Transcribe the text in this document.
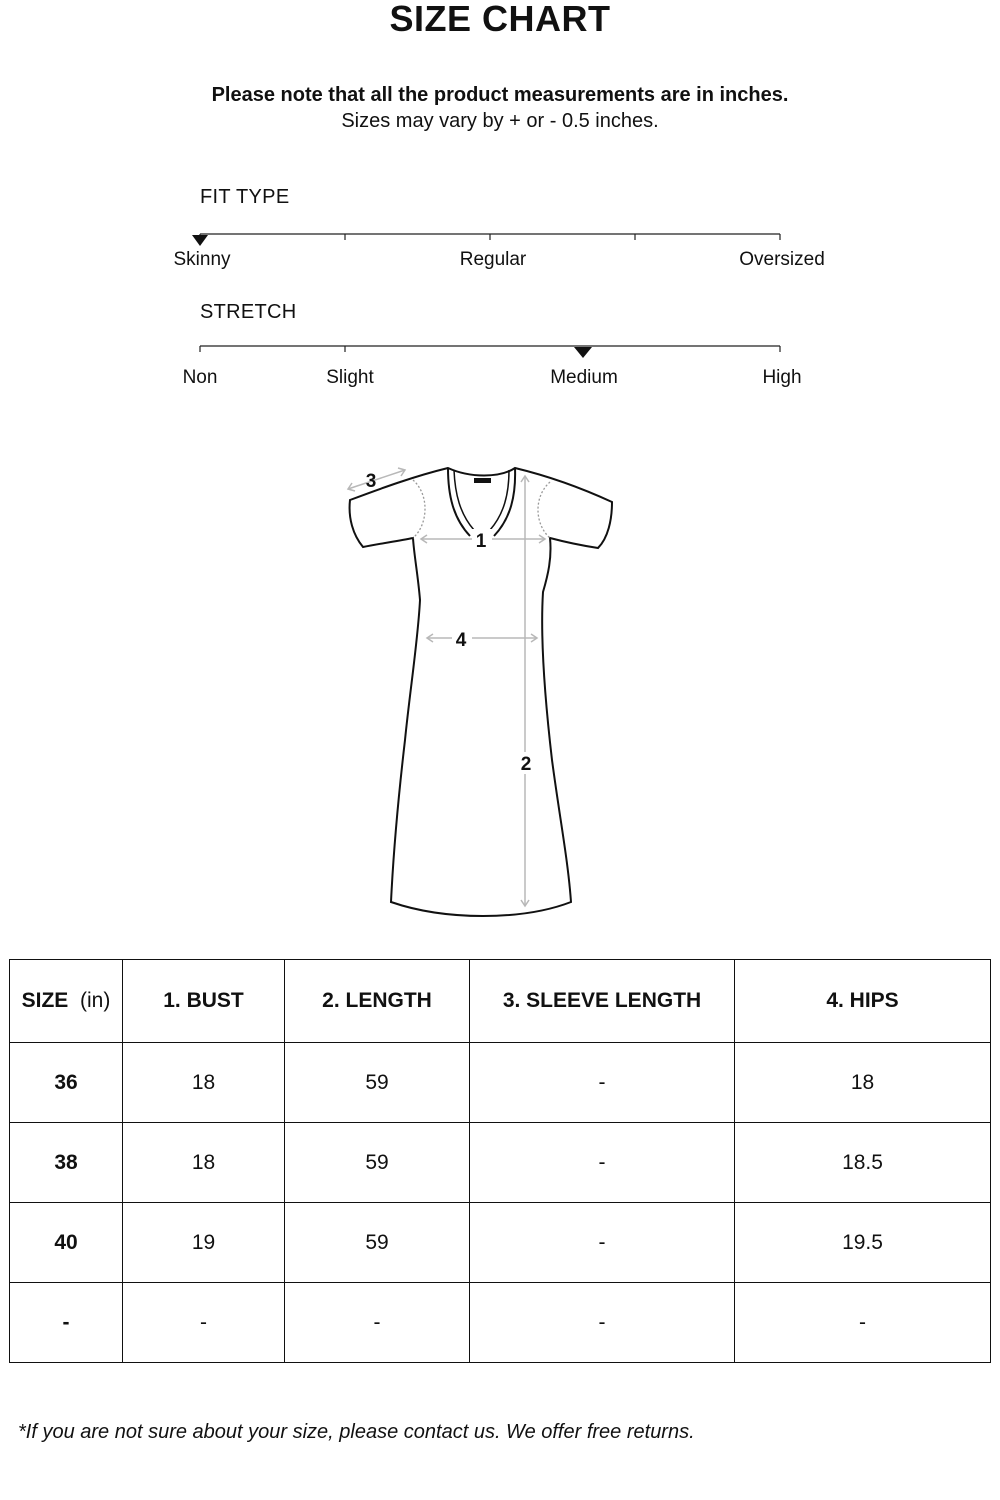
SIZE CHART
Please note that all the product measurements are in inches.
Sizes may vary by + or - 0.5 inches.
FIT TYPE
Skinny	Regular	Oversized
STRETCH
Non	Slight	Medium	High
1
4
2
3
SIZE (in)	1. BUST	2. LENGTH	3. SLEEVE LENGTH	4. HIPS
36	18	59	-	18
38	18	59	-	18.5
40	19	59	-	19.5
-	-	-	-	-
*If you are not sure about your size, please contact us. We offer free returns.
